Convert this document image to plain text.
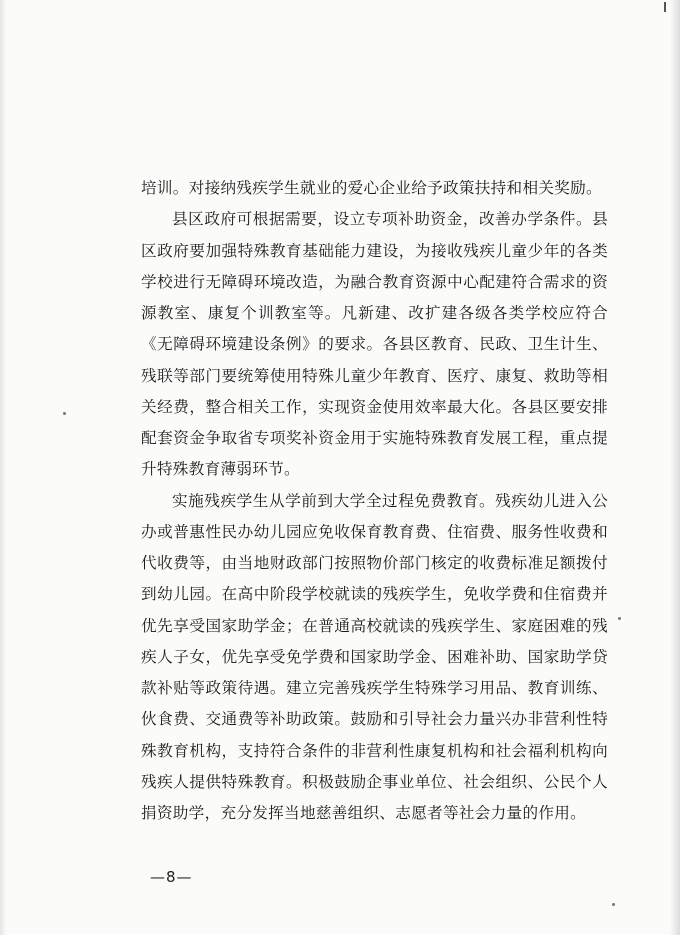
培训。对接纳残疾学生就业的爱心企业给予政策扶持和相关奖励。

县区政府可根据需要，设立专项补助资金，改善办学条件。县区政府要加强特殊教育基础能力建设，为接收残疾儿童少年的各类学校进行无障碍环境改造，为融合教育资源中心配建符合需求的资源教室、康复个训教室等。凡新建、改扩建各级各类学校应符合《无障碍环境建设条例》的要求。各县区教育、民政、卫生计生、残联等部门要统筹使用特殊儿童少年教育、医疗、康复、救助等相关经费，整合相关工作，实现资金使用效率最大化。各县区要安排配套资金争取省专项奖补资金用于实施特殊教育发展工程，重点提升特殊教育薄弱环节。

实施残疾学生从学前到大学全过程免费教育。残疾幼儿进入公办或普惠性民办幼儿园应免收保育教育费、住宿费、服务性收费和代收费等，由当地财政部门按照物价部门核定的收费标准足额拨付到幼儿园。在高中阶段学校就读的残疾学生，免收学费和住宿费并优先享受国家助学金；在普通高校就读的残疾学生、家庭困难的残疾人子女，优先享受免学费和国家助学金、困难补助、国家助学贷款补贴等政策待遇。建立完善残疾学生特殊学习用品、教育训练、伙食费、交通费等补助政策。鼓励和引导社会力量兴办非营利性特殊教育机构，支持符合条件的非营利性康复机构和社会福利机构向残疾人提供特殊教育。积极鼓励企事业单位、社会组织、公民个人捐资助学，充分发挥当地慈善组织、志愿者等社会力量的作用。

—8—
